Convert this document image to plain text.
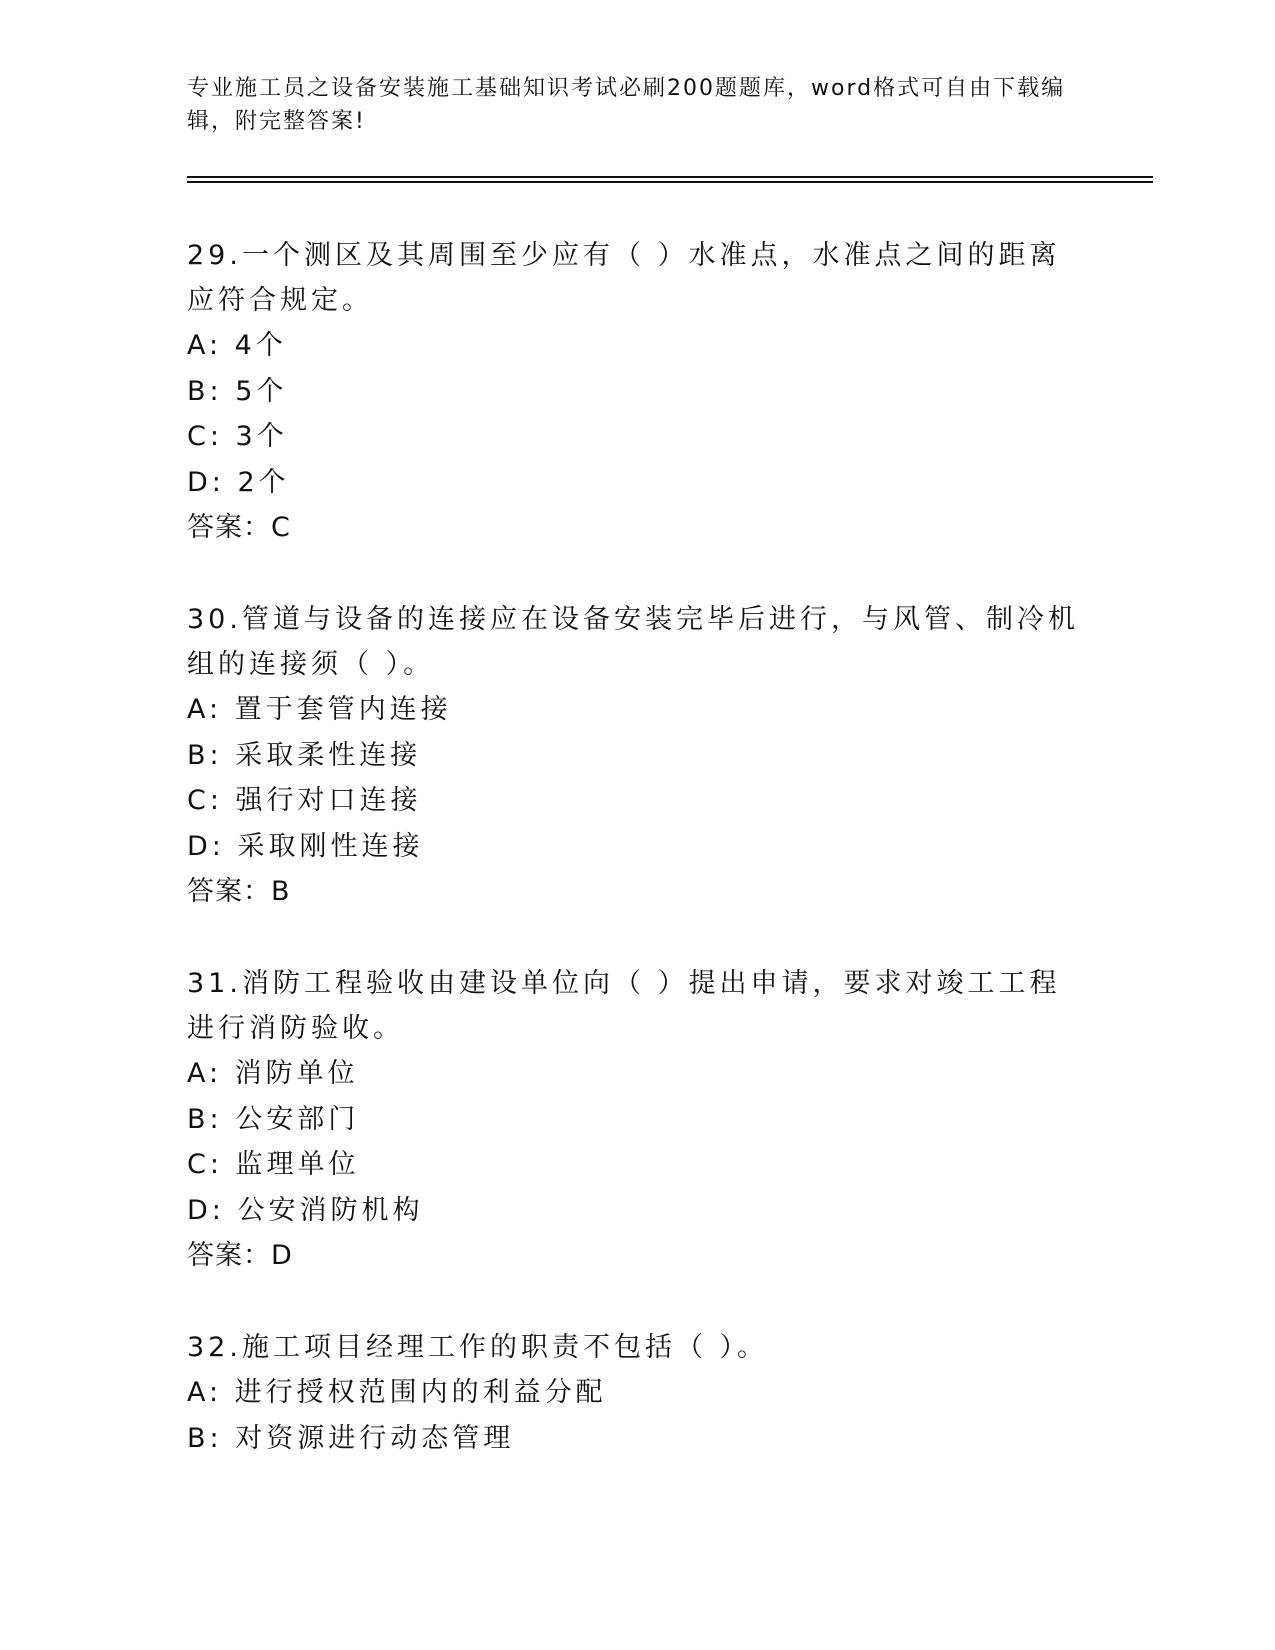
专业施工员之设备安装施工基础知识考试必刷200题题库，word格式可自由下载编辑，附完整答案!

29.一个测区及其周围至少应有（ ）水准点，水准点之间的距离应符合规定。

A: 4个
B: 5个
C: 3个
D: 2个
答案：C

30.管道与设备的连接应在设备安装完毕后进行，与风管、制冷机组的连接须（ ）。

A: 置于套管内连接
B: 采取柔性连接
C: 强行对口连接
D: 采取刚性连接
答案：B

31.消防工程验收由建设单位向（ ）提出申请，要求对竣工工程进行消防验收。

A: 消防单位
B: 公安部门
C: 监理单位
D: 公安消防机构
答案：D

32.施工项目经理工作的职责不包括（ ）。

A: 进行授权范围内的利益分配
B: 对资源进行动态管理
